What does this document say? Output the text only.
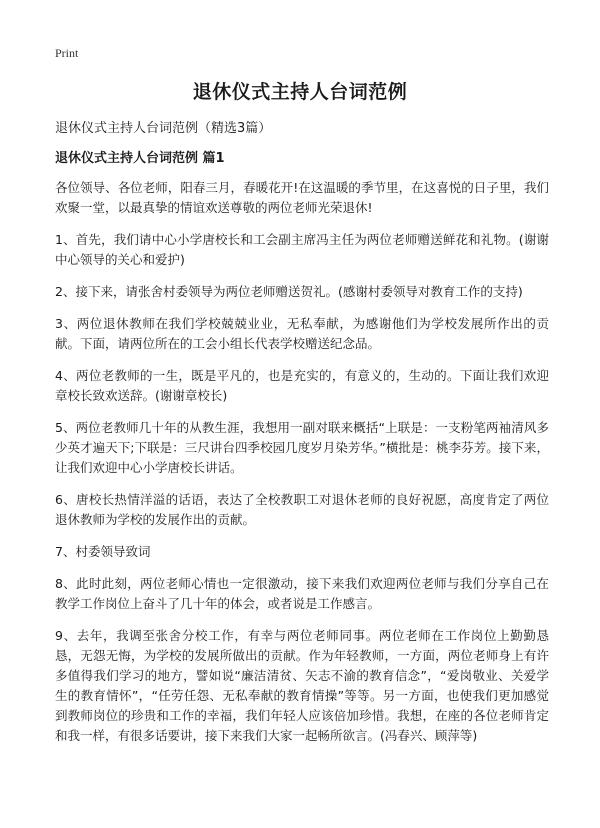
Print
退休仪式主持人台词范例
退休仪式主持人台词范例（精选3篇）
退休仪式主持人台词范例 篇1

各位领导、各位老师，阳春三月，春暖花开!在这温暖的季节里，在这喜悦的日子里，我们欢聚一堂，以最真挚的情谊欢送尊敬的两位老师光荣退休!

1、首先，我们请中心小学唐校长和工会副主席冯主任为两位老师赠送鲜花和礼物。(谢谢中心领导的关心和爱护)

2、接下来，请张舍村委领导为两位老师赠送贺礼。(感谢村委领导对教育工作的支持)

3、两位退休教师在我们学校兢兢业业，无私奉献，为感谢他们为学校发展所作出的贡献。下面，请两位所在的工会小组长代表学校赠送纪念品。

4、两位老教师的一生，既是平凡的，也是充实的，有意义的，生动的。下面让我们欢迎章校长致欢送辞。(谢谢章校长)

5、两位老教师几十年的从教生涯，我想用一副对联来概括“上联是：一支粉笔两袖清风多少英才遍天下;下联是：三尺讲台四季校园几度岁月染芳华。”横批是：桃李芬芳。接下来，让我们欢迎中心小学唐校长讲话。

6、唐校长热情洋溢的话语，表达了全校教职工对退休老师的良好祝愿，高度肯定了两位退休教师为学校的发展作出的贡献。

7、村委领导致词

8、此时此刻，两位老师心情也一定很激动，接下来我们欢迎两位老师与我们分享自己在教学工作岗位上奋斗了几十年的体会，或者说是工作感言。

9、去年，我调至张舍分校工作，有幸与两位老师同事。两位老师在工作岗位上勤勤恳恳，无怨无悔，为学校的发展所做出的贡献。作为年轻教师，一方面，两位老师身上有许多值得我们学习的地方，譬如说“廉洁清贫、矢志不渝的教育信念”，“爱岗敬业、关爱学生的教育情怀”，“任劳任怨、无私奉献的教育情操”等等。另一方面，也使我们更加感觉到教师岗位的珍贵和工作的幸福，我们年轻人应该倍加珍惜。我想，在座的各位老师肯定和我一样，有很多话要讲，接下来我们大家一起畅所欲言。(冯春兴、顾萍等)
